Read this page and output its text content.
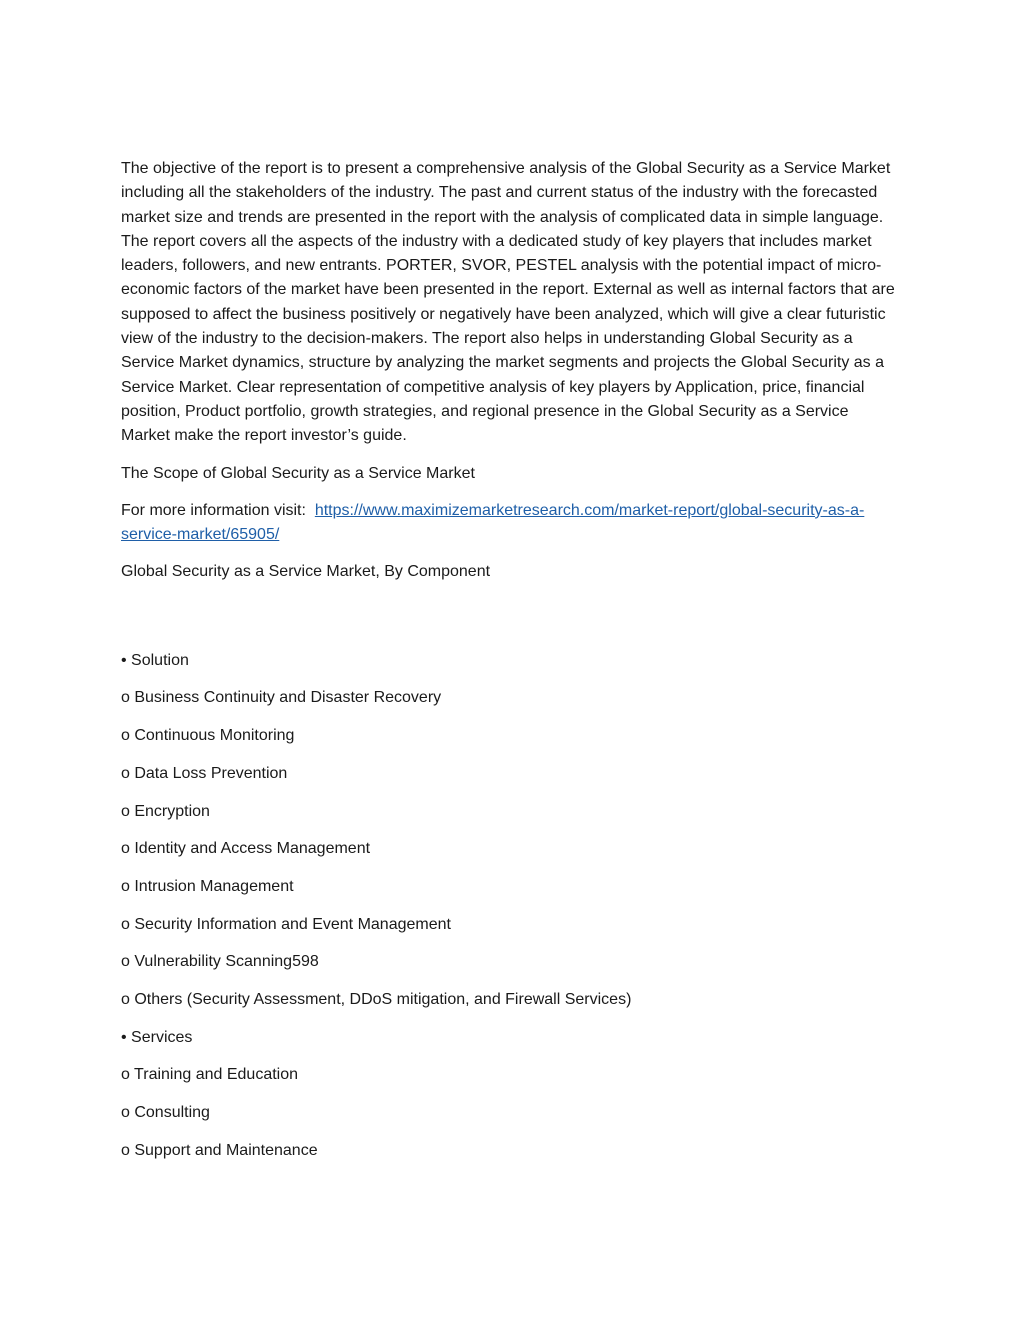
The objective of the report is to present a comprehensive analysis of the Global Security as a Service Market including all the stakeholders of the industry. The past and current status of the industry with the forecasted market size and trends are presented in the report with the analysis of complicated data in simple language. The report covers all the aspects of the industry with a dedicated study of key players that includes market leaders, followers, and new entrants. PORTER, SVOR, PESTEL analysis with the potential impact of micro-economic factors of the market have been presented in the report. External as well as internal factors that are supposed to affect the business positively or negatively have been analyzed, which will give a clear futuristic view of the industry to the decision-makers. The report also helps in understanding Global Security as a Service Market dynamics, structure by analyzing the market segments and projects the Global Security as a Service Market. Clear representation of competitive analysis of key players by Application, price, financial position, Product portfolio, growth strategies, and regional presence in the Global Security as a Service Market make the report investor’s guide.

The Scope of Global Security as a Service Market

For more information visit: https://www.maximizemarketresearch.com/market-report/global-security-as-a-service-market/65905/

Global Security as a Service Market, By Component

• Solution

o Business Continuity and Disaster Recovery

o Continuous Monitoring

o Data Loss Prevention

o Encryption

o Identity and Access Management

o Intrusion Management

o Security Information and Event Management

o Vulnerability Scanning598

o Others (Security Assessment, DDoS mitigation, and Firewall Services)

• Services

o Training and Education

o Consulting

o Support and Maintenance
